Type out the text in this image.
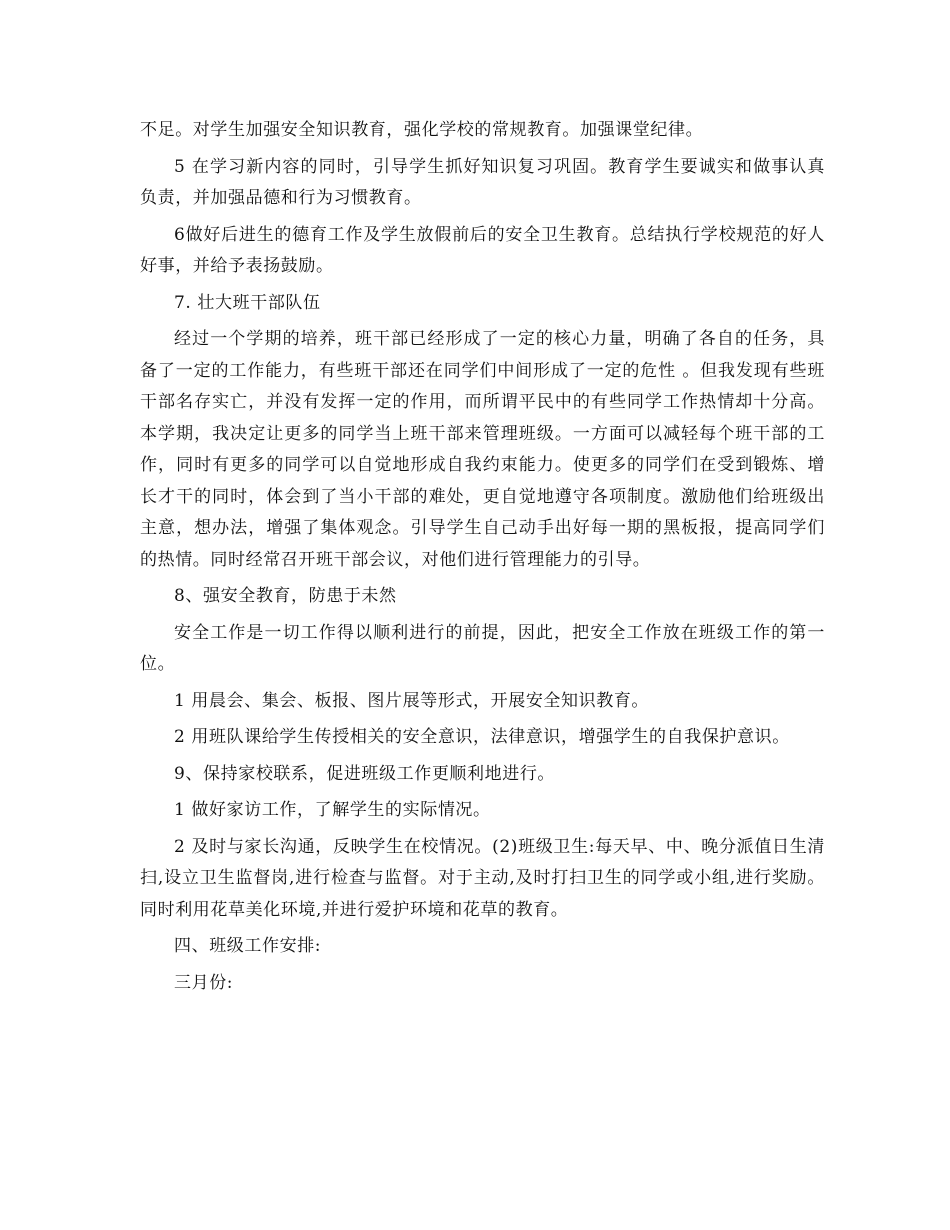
不足。对学生加强安全知识教育，强化学校的常规教育。加强课堂纪律。

5 在学习新内容的同时，引导学生抓好知识复习巩固。教育学生要诚实和做事认真负责，并加强品德和行为习惯教育。

6做好后进生的德育工作及学生放假前后的安全卫生教育。总结执行学校规范的好人好事，并给予表扬鼓励。

7. 壮大班干部队伍

经过一个学期的培养，班干部已经形成了一定的核心力量，明确了各自的任务，具备了一定的工作能力，有些班干部还在同学们中间形成了一定的危性 。但我发现有些班干部名存实亡，并没有发挥一定的作用，而所谓平民中的有些同学工作热情却十分高。本学期，我决定让更多的同学当上班干部来管理班级。一方面可以减轻每个班干部的工作，同时有更多的同学可以自觉地形成自我约束能力。使更多的同学们在受到锻炼、增长才干的同时，体会到了当小干部的难处，更自觉地遵守各项制度。激励他们给班级出主意，想办法，增强了集体观念。引导学生自己动手出好每一期的黑板报，提高同学们的热情。同时经常召开班干部会议，对他们进行管理能力的引导。

8、强安全教育，防患于未然

安全工作是一切工作得以顺利进行的前提，因此，把安全工作放在班级工作的第一位。

1 用晨会、集会、板报、图片展等形式，开展安全知识教育。

2 用班队课给学生传授相关的安全意识，法律意识，增强学生的自我保护意识。

9、保持家校联系，促进班级工作更顺利地进行。

1 做好家访工作，了解学生的实际情况。

2 及时与家长沟通，反映学生在校情况。(2)班级卫生:每天早、中、晚分派值日生清扫,设立卫生监督岗,进行检查与监督。对于主动,及时打扫卫生的同学或小组,进行奖励。同时利用花草美化环境,并进行爱护环境和花草的教育。

四、班级工作安排:

三月份:
